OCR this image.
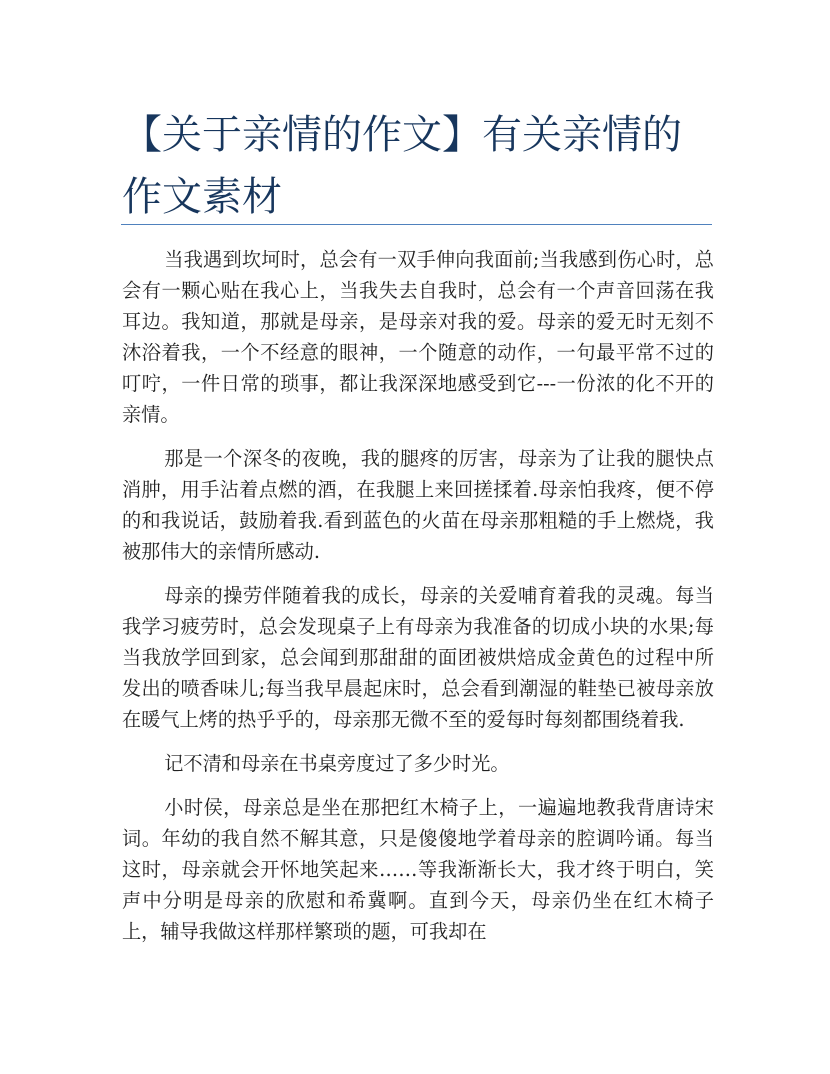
【关于亲情的作文】有关亲情的作文素材

当我遇到坎坷时，总会有一双手伸向我面前;当我感到伤心时，总会有一颗心贴在我心上，当我失去自我时，总会有一个声音回荡在我耳边。我知道，那就是母亲，是母亲对我的爱。母亲的爱无时无刻不沐浴着我，一个不经意的眼神，一个随意的动作，一句最平常不过的叮咛，一件日常的琐事，都让我深深地感受到它---一份浓的化不开的亲情。

那是一个深冬的夜晚，我的腿疼的厉害，母亲为了让我的腿快点消肿，用手沾着点燃的酒，在我腿上来回搓揉着.母亲怕我疼，便不停的和我说话，鼓励着我.看到蓝色的火苗在母亲那粗糙的手上燃烧，我被那伟大的亲情所感动.

母亲的操劳伴随着我的成长，母亲的关爱哺育着我的灵魂。每当我学习疲劳时，总会发现桌子上有母亲为我准备的切成小块的水果;每当我放学回到家，总会闻到那甜甜的面团被烘焙成金黄色的过程中所发出的喷香味儿;每当我早晨起床时，总会看到潮湿的鞋垫已被母亲放在暖气上烤的热乎乎的，母亲那无微不至的爱每时每刻都围绕着我.

记不清和母亲在书桌旁度过了多少时光。

小时侯，母亲总是坐在那把红木椅子上，一遍遍地教我背唐诗宋词。年幼的我自然不解其意，只是傻傻地学着母亲的腔调吟诵。每当这时，母亲就会开怀地笑起来……等我渐渐长大，我才终于明白，笑声中分明是母亲的欣慰和希冀啊。直到今天，母亲仍坐在红木椅子上，辅导我做这样那样繁琐的题，可我却在
